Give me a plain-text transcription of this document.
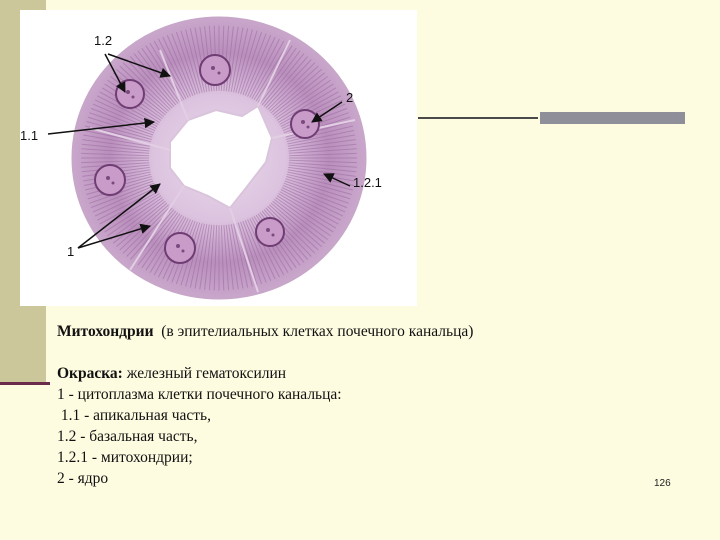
1.2
1.1
2
1.2.1
1
Митохондрии  (в эпителиальных клетках почечного канальца)
Окраска: железный гематоксилин
1 - цитоплазма клетки почечного канальца:
1.1 - апикальная часть,
1.2 - базальная часть,
1.2.1 - митохондрии;
2 - ядро	126
